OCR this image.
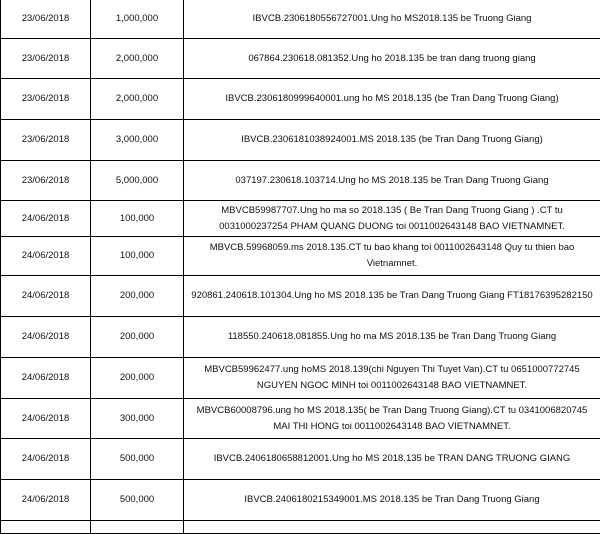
23/06/2018	1,000,000	IBVCB.2306180556727001.Ung ho MS2018.135 be Truong Giang
23/06/2018	2,000,000	067864.230618.081352.Ung ho 2018.135 be tran dang truong giang
23/06/2018	2,000,000	IBVCB.2306180999640001.ung ho MS 2018.135 (be Tran Dang Truong Giang)
23/06/2018	3,000,000	IBVCB.2306181038924001.MS 2018.135 (be Tran Dang Truong Giang)
23/06/2018	5,000,000	037197.230618.103714.Ung ho MS 2018.135 be Tran Dang Truong Giang
24/06/2018	100,000	MBVCB59987707.Ung ho ma so 2018.135 ( Be Tran Dang Truong Giang ) .CT tu 0031000237254 PHAM QUANG DUONG toi 0011002643148 BAO VIETNAMNET.
24/06/2018	100,000	MBVCB.59968059.ms 2018.135.CT tu bao khang toi 0011002643148 Quy tu thien bao Vietnamnet.
24/06/2018	200,000	920861.240618.101304.Ung ho MS 2018.135 be Tran Dang Truong Giang FT18176395282150
24/06/2018	200,000	118550.240618.081855.Ung ho ma MS 2018.135 be Tran Dang Truong Giang
24/06/2018	200,000	MBVCB59962477.ung hoMS 2018.139(chi Nguyen Thi Tuyet Van).CT tu 0651000772745 NGUYEN NGOC MINH toi 0011002643148 BAO VIETNAMNET.
24/06/2018	300,000	MBVCB60008796.ung ho MS 2018.135( be Tran Dang Truong Giang).CT tu 0341006820745 MAI THI HONG toi 0011002643148 BAO VIETNAMNET.
24/06/2018	500,000	IBVCB.2406180658812001.Ung ho MS 2018.135 be TRAN DANG TRUONG GIANG
24/06/2018	500,000	IBVCB.2406180215349001.MS 2018.135 be Tran Dang Truong Giang
